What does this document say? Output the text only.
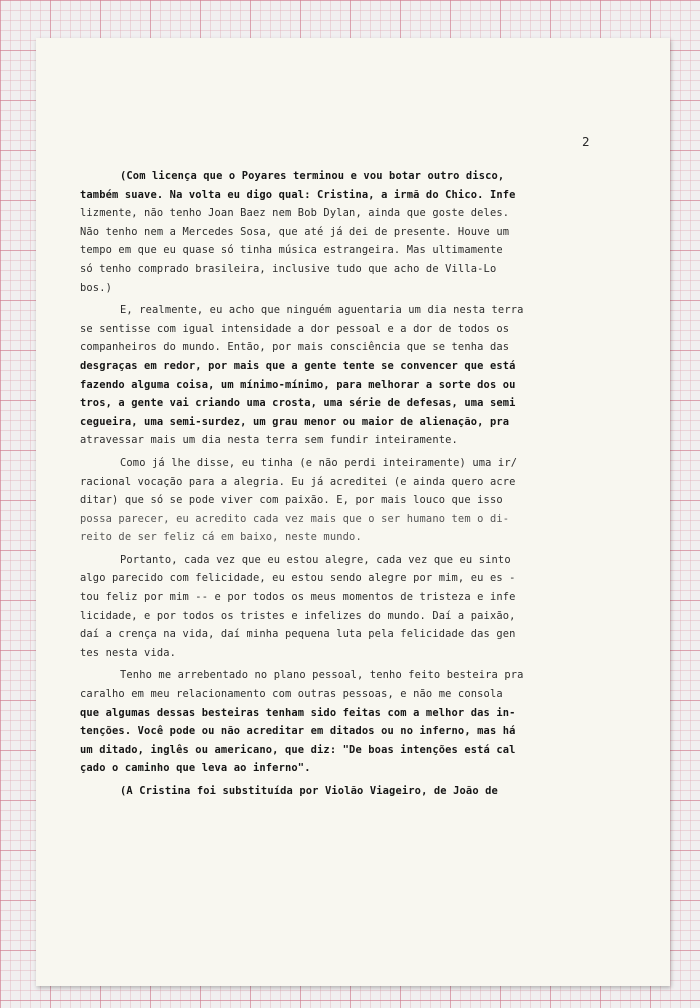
2
(Com licença que o Poyares terminou e vou botar outro disco,
também suave. Na volta eu digo qual: Cristina, a irmã do Chico. Infe
lizmente, não tenho Joan Baez nem Bob Dylan, ainda que goste deles.
Não tenho nem a Mercedes Sosa, que até já dei de presente. Houve um
tempo em que eu quase só tinha música estrangeira. Mas ultimamente
só tenho comprado brasileira, inclusive tudo que acho de Villa-Lo
bos.)
E, realmente, eu acho que ninguém aguentaria um dia nesta terra
se sentisse com igual intensidade a dor pessoal e a dor de todos os
companheiros do mundo. Então, por mais consciência que se tenha das
desgraças em redor, por mais que a gente tente se convencer que está
fazendo alguma coisa, um mínimo-mínimo, para melhorar a sorte dos ou
tros, a gente vai criando uma crosta, uma série de defesas, uma semi
cegueira, uma semi-surdez, um grau menor ou maior de alienação, pra
atravessar mais um dia nesta terra sem fundir inteiramente.
Como já lhe disse, eu tinha (e não perdi inteiramente) uma ir/
racional vocação para a alegria. Eu já acreditei (e ainda quero acre
ditar) que só se pode viver com paixão. E, por mais louco que isso
possa parecer, eu acredito cada vez mais que o ser humano tem o di-
reito de ser feliz cá em baixo, neste mundo.
Portanto, cada vez que eu estou alegre, cada vez que eu sinto
algo parecido com felicidade, eu estou sendo alegre por mim, eu es -
tou feliz por mim -- e por todos os meus momentos de tristeza e infe
licidade, e por todos os tristes e infelizes do mundo. Daí a paixão,
daí a crença na vida, daí minha pequena luta pela felicidade das gen
tes nesta vida.
Tenho me arrebentado no plano pessoal, tenho feito besteira pra
caralho em meu relacionamento com outras pessoas, e não me consola
que algumas dessas besteiras tenham sido feitas com a melhor das in-
tenções. Você pode ou não acreditar em ditados ou no inferno, mas há
um ditado, inglês ou americano, que diz: "De boas intenções está cal
çado o caminho que leva ao inferno".
(A Cristina foi substituída por Violão Viageiro, de João de
